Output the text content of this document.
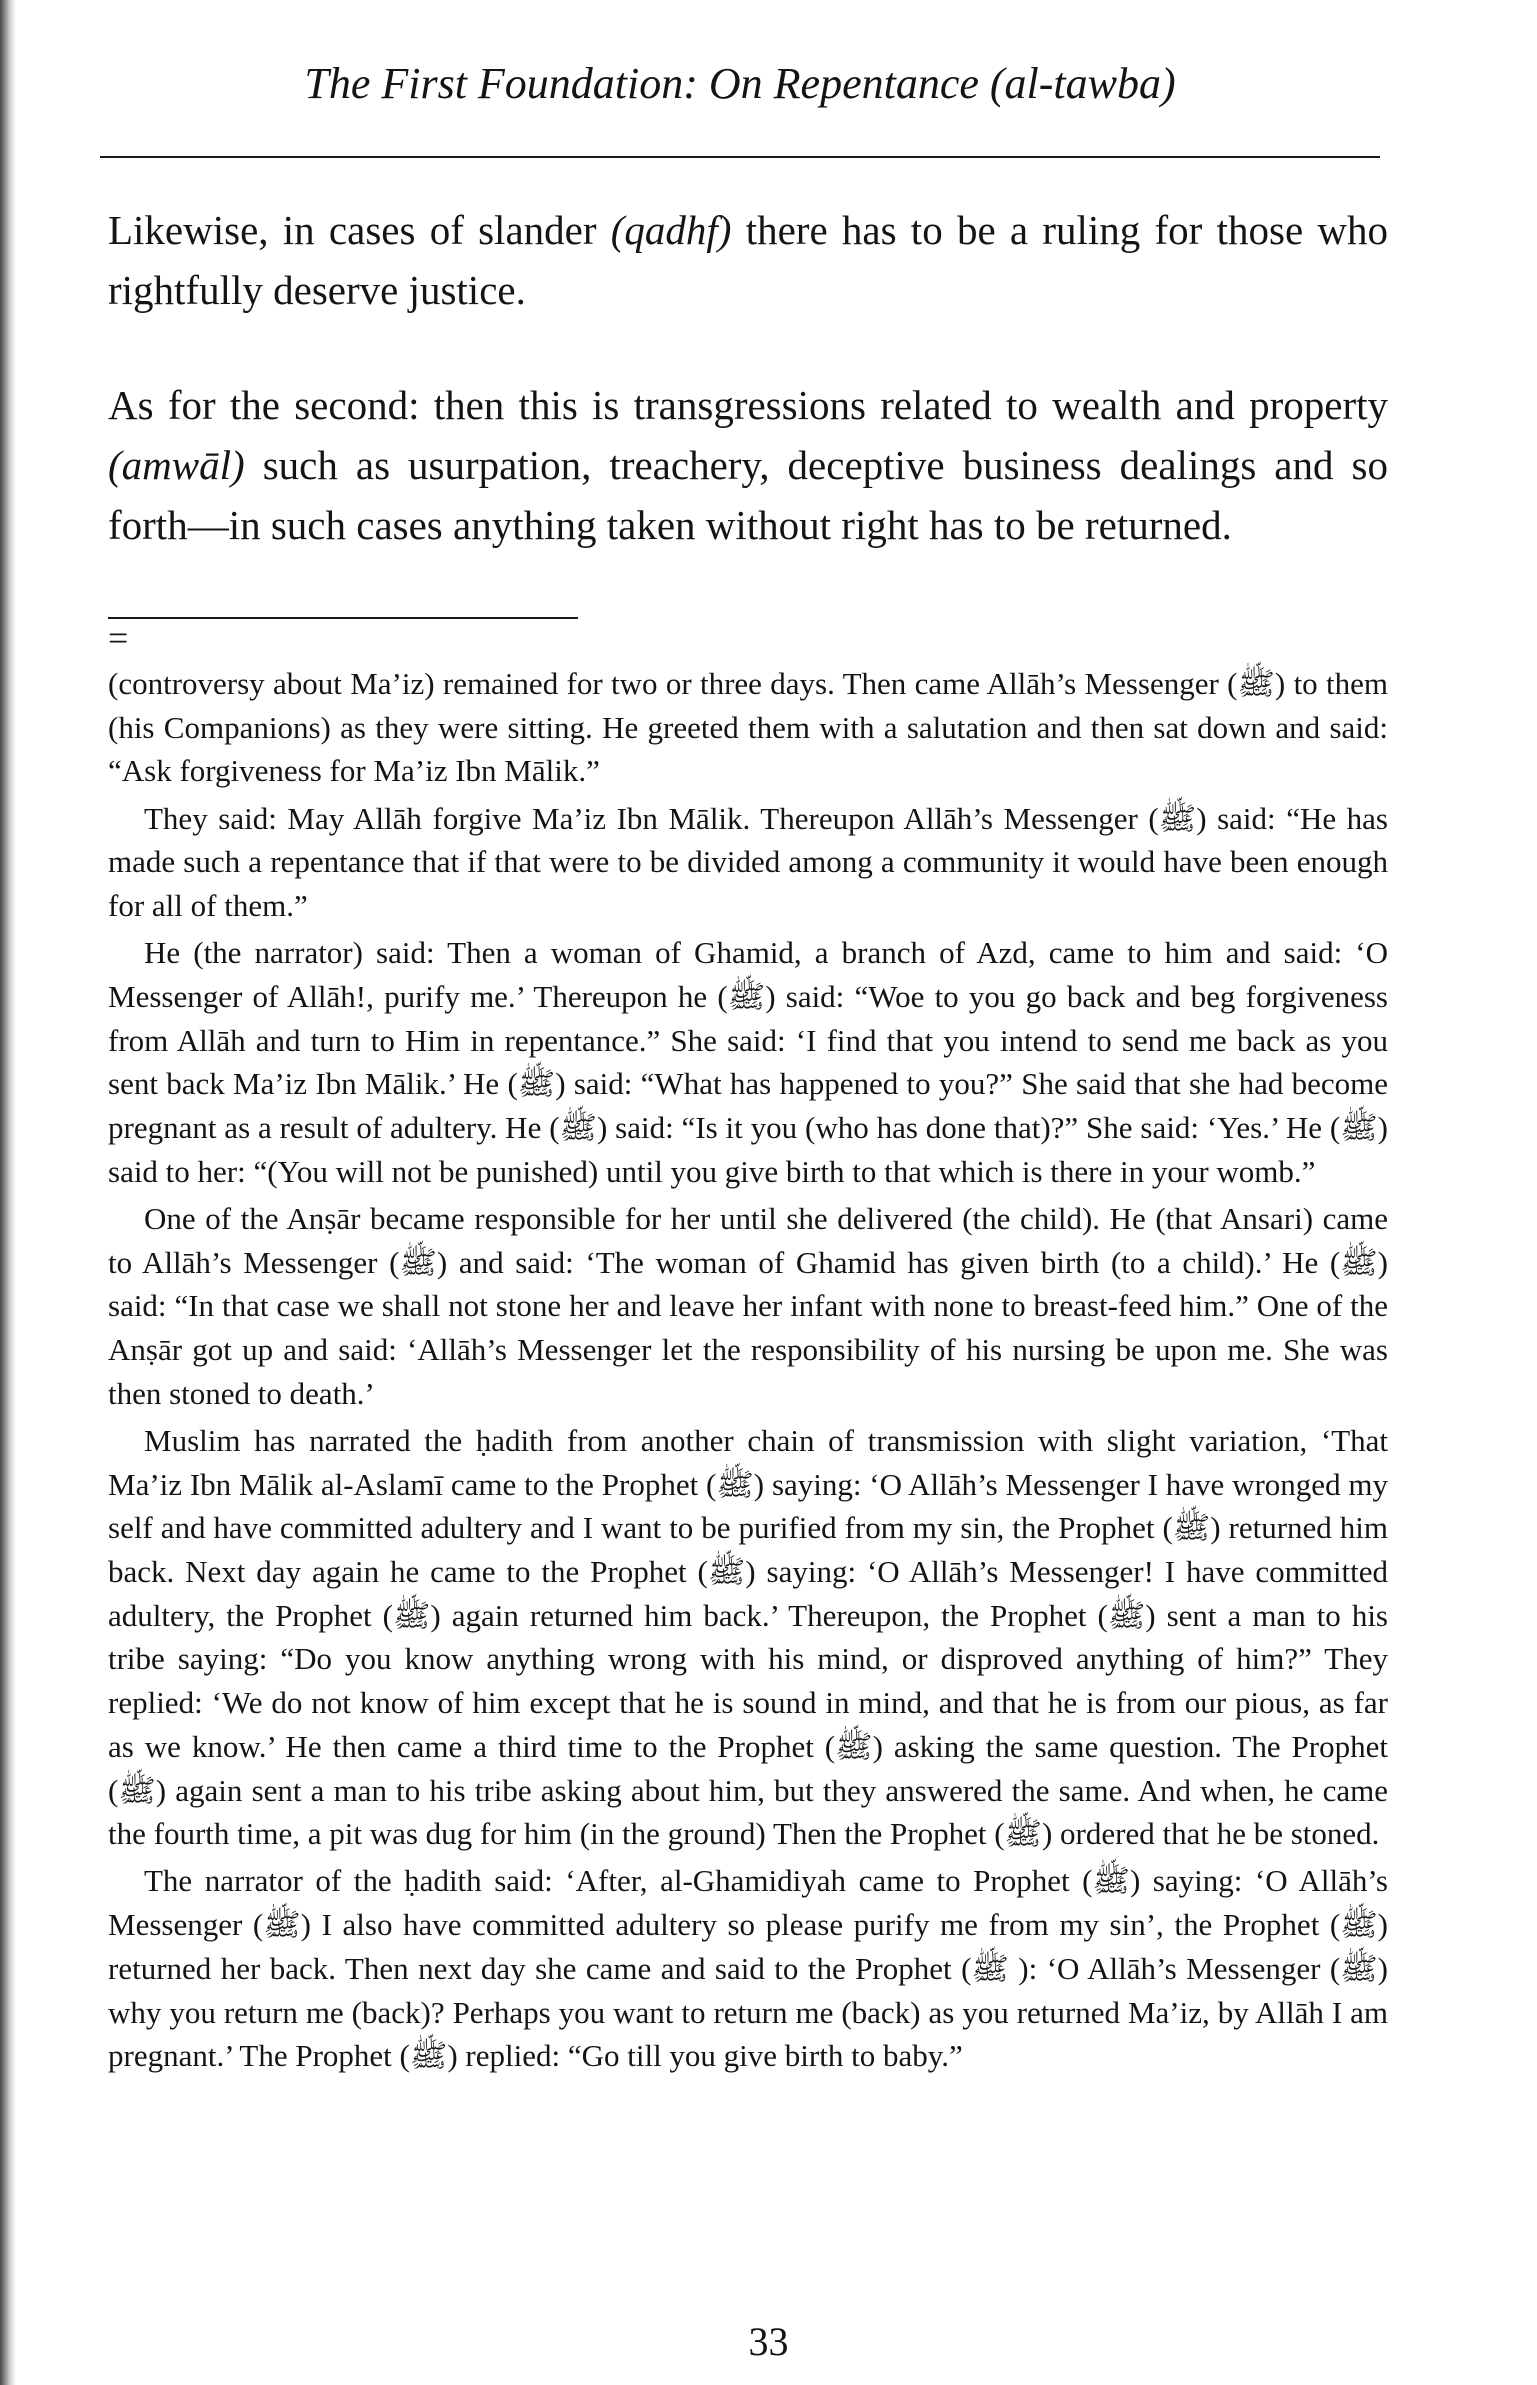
The First Foundation: On Repentance (al-tawba)

Likewise, in cases of slander (qadhf) there has to be a ruling for those who rightfully deserve justice.

As for the second: then this is transgressions related to wealth and property (amwāl) such as usurpation, treachery, deceptive business dealings and so forth—in such cases anything taken without right has to be returned.

=

(controversy about Ma’iz) remained for two or three days. Then came Allāh’s Messenger (ﷺ) to them (his Companions) as they were sitting. He greeted them with a salutation and then sat down and said: “Ask forgiveness for Ma’iz Ibn Mālik.”

They said: May Allāh forgive Ma’iz Ibn Mālik. Thereupon Allāh’s Messenger (ﷺ) said: “He has made such a repentance that if that were to be divided among a community it would have been enough for all of them.”

He (the narrator) said: Then a woman of Ghamid, a branch of Azd, came to him and said: ‘O Messenger of Allāh!, purify me.’ Thereupon he (ﷺ) said: “Woe to you go back and beg forgiveness from Allāh and turn to Him in repentance.” She said: ‘I find that you intend to send me back as you sent back Ma’iz Ibn Mālik.’ He (ﷺ) said: “What has happened to you?” She said that she had become pregnant as a result of adultery. He (ﷺ) said: “Is it you (who has done that)?” She said: ‘Yes.’ He (ﷺ) said to her: “(You will not be punished) until you give birth to that which is there in your womb.”

One of the Anṣār became responsible for her until she delivered (the child). He (that Ansari) came to Allāh’s Messenger (ﷺ) and said: ‘The woman of Ghamid has given birth (to a child).’ He (ﷺ) said: “In that case we shall not stone her and leave her infant with none to breast-feed him.” One of the Anṣār got up and said: ‘Allāh’s Messenger let the responsibility of his nursing be upon me. She was then stoned to death.’

Muslim has narrated the ḥadith from another chain of transmission with slight variation, ‘That Ma’iz Ibn Mālik al-Aslamī came to the Prophet (ﷺ) saying: ‘O Allāh’s Messenger I have wronged my self and have committed adultery and I want to be purified from my sin, the Prophet (ﷺ) returned him back. Next day again he came to the Prophet (ﷺ) saying: ‘O Allāh’s Messenger! I have committed adultery, the Prophet (ﷺ) again returned him back.’ Thereupon, the Prophet (ﷺ) sent a man to his tribe saying: “Do you know anything wrong with his mind, or disproved anything of him?” They replied: ‘We do not know of him except that he is sound in mind, and that he is from our pious, as far as we know.’ He then came a third time to the Prophet (ﷺ) asking the same question. The Prophet (ﷺ) again sent a man to his tribe asking about him, but they answered the same. And when, he came the fourth time, a pit was dug for him (in the ground) Then the Prophet (ﷺ) ordered that he be stoned.

The narrator of the ḥadith said: ‘After, al-Ghamidiyah came to Prophet (ﷺ) saying: ‘O Allāh’s Messenger (ﷺ) I also have committed adultery so please purify me from my sin’, the Prophet (ﷺ) returned her back. Then next day she came and said to the Prophet (ﷺ ): ‘O Allāh’s Messenger (ﷺ) why you return me (back)? Perhaps you want to return me (back) as you returned Ma’iz, by Allāh I am pregnant.’ The Prophet (ﷺ) replied: “Go till you give birth to baby.”

33
